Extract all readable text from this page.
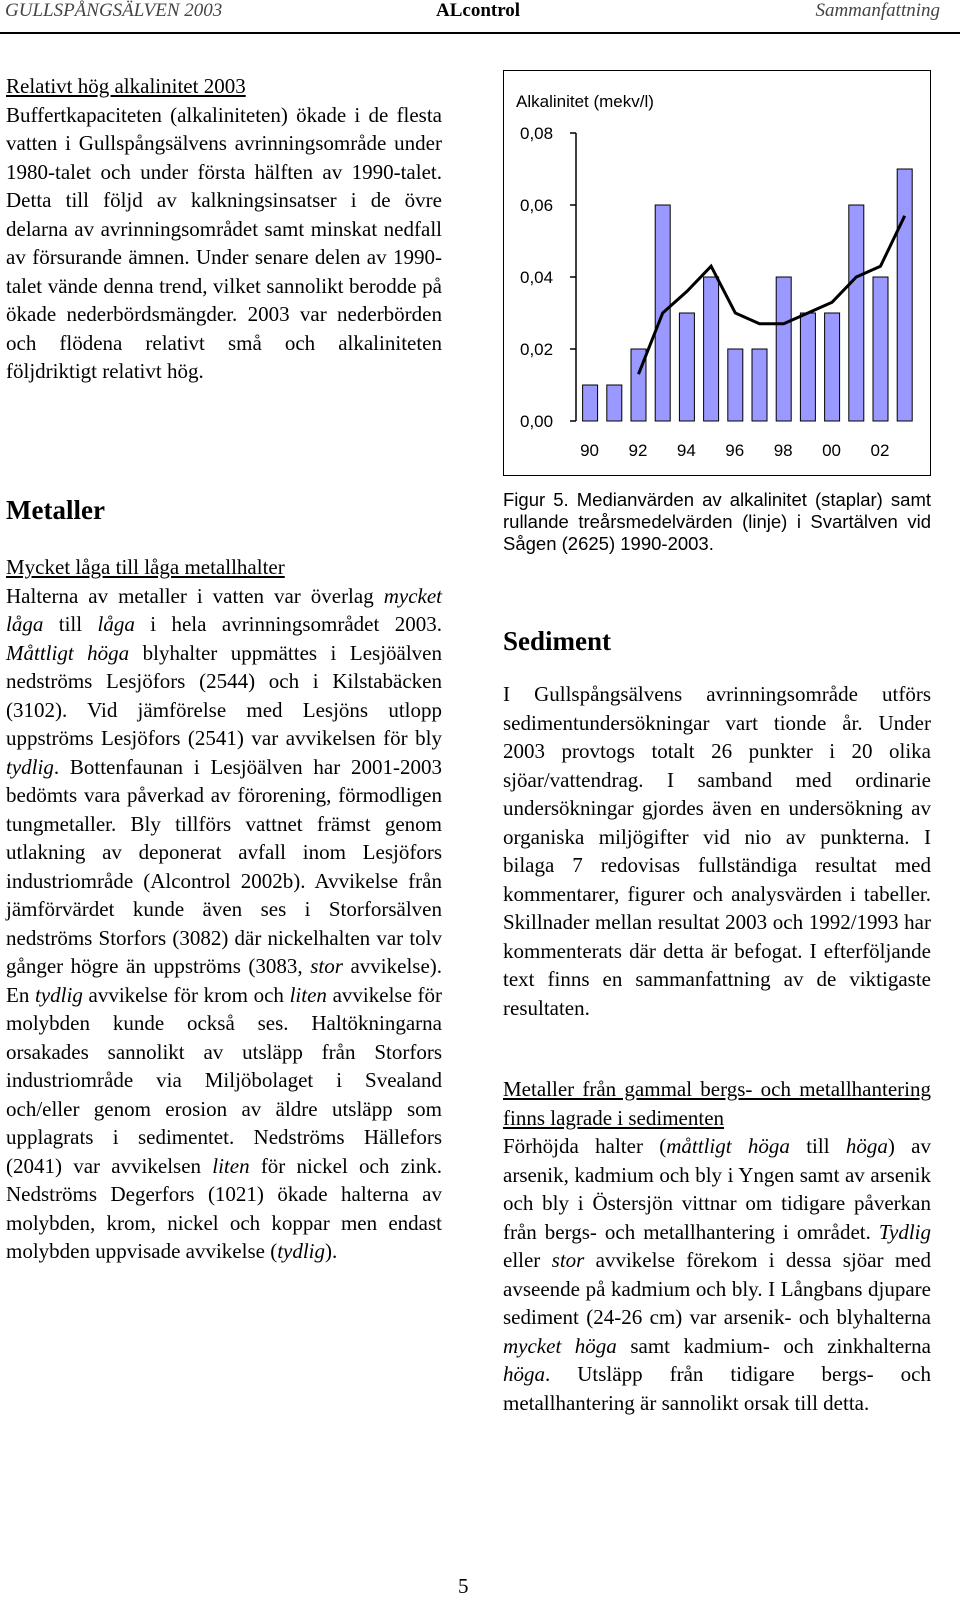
GULLSPÅNGSÄLVEN 2003	ALcontrol	Sammanfattning

Relativt hög alkalinitet 2003

Buffertkapaciteten (alkaliniteten) ökade i de flesta vatten i Gullspångsälvens avrinningsområde under 1980-talet och under första hälften av 1990-talet. Detta till följd av kalkningsinsatser i de övre delarna av avrinningsområdet samt minskat nedfall av försurande ämnen. Under senare delen av 1990-talet vände denna trend, vilket sannolikt berodde på ökade nederbördsmängder. 2003 var nederbörden och flödena relativt små och alkaliniteten följdriktigt relativt hög.

Metaller

Mycket låga till låga metallhalter

Halterna av metaller i vatten var överlag mycket låga till låga i hela avrinningsområdet 2003. Måttligt höga blyhalter uppmättes i Lesjöälven nedströms Lesjöfors (2544) och i Kilstabäcken (3102). Vid jämförelse med Lesjöns utlopp uppströms Lesjöfors (2541) var avvikelsen för bly tydlig. Bottenfaunan i Lesjöälven har 2001-2003 bedömts vara påverkad av förorening, förmodligen tungmetaller. Bly tillförs vattnet främst genom utlakning av deponerat avfall inom Lesjöfors industriområde (Alcontrol 2002b). Avvikelse från jämförvärdet kunde även ses i Storforsälven nedströms Storfors (3082) där nickelhalten var tolv gånger högre än uppströms (3083, stor avvikelse). En tydlig avvikelse för krom och liten avvikelse för molybden kunde också ses. Haltökningarna orsakades sannolikt av utsläpp från Storfors industriområde via Miljöbolaget i Svealand och/eller genom erosion av äldre utsläpp som upplagrats i sedimentet. Nedströms Hällefors (2041) var avvikelsen liten för nickel och zink. Nedströms Degerfors (1021) ökade halterna av molybden, krom, nickel och koppar men endast molybden uppvisade avvikelse (tydlig).

Alkalinitet (mekv/l)
0,08
0,06
0,04
0,02
0,00
90 92 94 96 98 00 02
Figur 5. Medianvärden av alkalinitet (staplar) samt rullande treårsmedelvärden (linje) i Svartälven vid Sågen (2625) 1990-2003.
Sediment

I Gullspångsälvens avrinningsområde utförs sedimentundersökningar vart tionde år. Under 2003 provtogs totalt 26 punkter i 20 olika sjöar/vattendrag. I samband med ordinarie undersökningar gjordes även en undersökning av organiska miljögifter vid nio av punkterna. I bilaga 7 redovisas fullständiga resultat med kommentarer, figurer och analysvärden i tabeller. Skillnader mellan resultat 2003 och 1992/1993 har kommenterats där detta är befogat. I efterföljande text finns en sammanfattning av de viktigaste resultaten.

Metaller från gammal bergs- och metallhantering finns lagrade i sedimenten

Förhöjda halter (måttligt höga till höga) av arsenik, kadmium och bly i Yngen samt av arsenik och bly i Östersjön vittnar om tidigare påverkan från bergs- och metallhantering i området. Tydlig eller stor avvikelse förekom i dessa sjöar med avseende på kadmium och bly. I Långbans djupare sediment (24-26 cm) var arsenik- och blyhalterna mycket höga samt kadmium- och zinkhalterna höga. Utsläpp från tidigare bergs- och metallhantering är sannolikt orsak till detta.

5
